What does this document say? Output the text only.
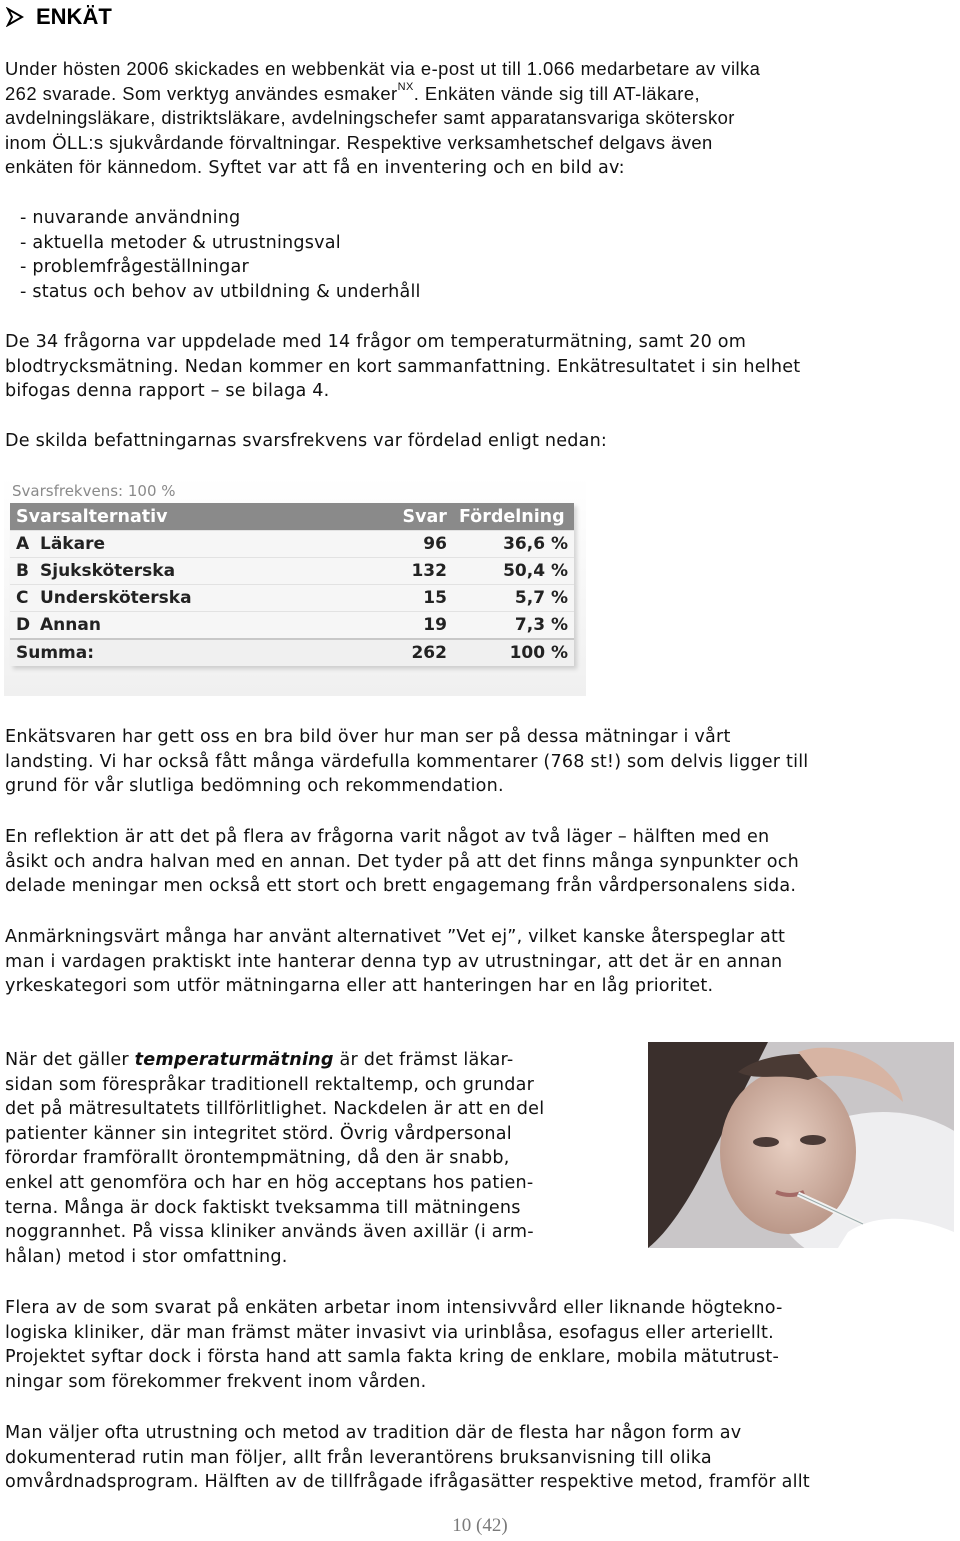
ENKÄT
Under hösten 2006 skickades en webbenkät via e-post ut till 1.066 medarbetare av vilka
262 svarade. Som verktyg användes esmaker$^{NX}$. Enkäten vände sig till AT-läkare,
avdelningsläkare, distriktsläkare, avdelningschefer samt apparatansvariga sköterskor
inom ÖLL:s sjukvårdande förvaltningar. Respektive verksamhetschef delgavs även
enkäten för kännedom. Syftet var att få en inventering och en bild av:
- nuvarande användning
- aktuella metoder & utrustningsval
- problemfrågeställningar
- status och behov av utbildning & underhåll
De 34 frågorna var uppdelade med 14 frågor om temperaturmätning, samt 20 om
blodtrycksmätning. Nedan kommer en kort sammanfattning. Enkätresultatet i sin helhet
bifogas denna rapport – se bilaga 4.
De skilda befattningarnas svarsfrekvens var fördelad enligt nedan:
Svarsfrekvens: 100 %
Svarsalternativ		Svar	Fördelning
A	Läkare	96	36,6 %
B	Sjuksköterska	132	50,4 %
C	Undersköterska	15	5,7 %
D	Annan	19	7,3 %
Summa:		262	100 %
Enkätsvaren har gett oss en bra bild över hur man ser på dessa mätningar i vårt
landsting. Vi har också fått många värdefulla kommentarer (768 st!) som delvis ligger till
grund för vår slutliga bedömning och rekommendation.
En reflektion är att det på flera av frågorna varit något av två läger – hälften med en
åsikt och andra halvan med en annan. Det tyder på att det finns många synpunkter och
delade meningar men också ett stort och brett engagemang från vårdpersonalens sida.
Anmärkningsvärt många har använt alternativet ”Vet ej”, vilket kanske återspeglar att
man i vardagen praktiskt inte hanterar denna typ av utrustningar, att det är en annan
yrkeskategori som utför mätningarna eller att hanteringen har en låg prioritet.
När det gäller temperaturmätning är det främst läkar-
sidan som förespråkar traditionell rektaltemp, och grundar
det på mätresultatets tillförlitlighet. Nackdelen är att en del
patienter känner sin integritet störd. Övrig vårdpersonal
förordar framförallt örontempmätning, då den är snabb,
enkel att genomföra och har en hög acceptans hos patien-
terna. Många är dock faktiskt tveksamma till mätningens
noggrannhet. På vissa kliniker används även axillär (i arm-
hålan) metod i stor omfattning.
Flera av de som svarat på enkäten arbetar inom intensivvård eller liknande högtekno-
logiska kliniker, där man främst mäter invasivt via urinblåsa, esofagus eller arteriellt.
Projektet syftar dock i första hand att samla fakta kring de enklare, mobila mätutrust-
ningar som förekommer frekvent inom vården.
Man väljer ofta utrustning och metod av tradition där de flesta har någon form av
dokumenterad rutin man följer, allt från leverantörens bruksanvisning till olika
omvårdnadsprogram. Hälften av de tillfrågade ifrågasätter respektive metod, framför allt
10 (42)
